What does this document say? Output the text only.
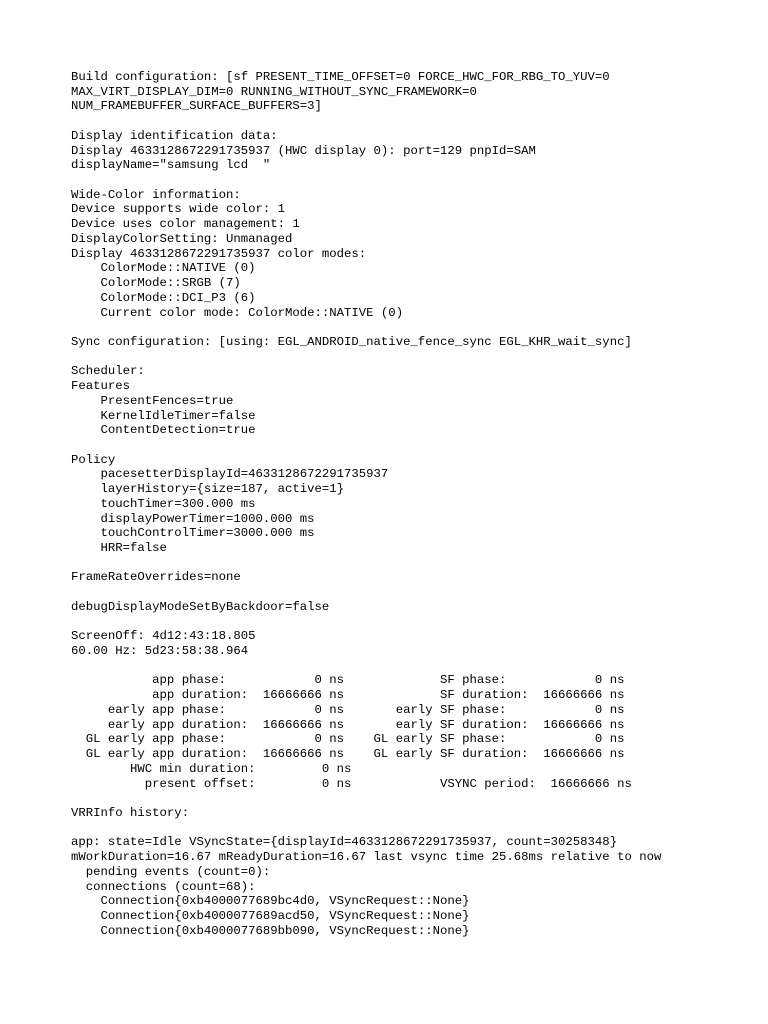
Build configuration: [sf PRESENT_TIME_OFFSET=0 FORCE_HWC_FOR_RBG_TO_YUV=0
MAX_VIRT_DISPLAY_DIM=0 RUNNING_WITHOUT_SYNC_FRAMEWORK=0
NUM_FRAMEBUFFER_SURFACE_BUFFERS=3]
Display identification data:
Display 4633128672291735937 (HWC display 0): port=129 pnpId=SAM
displayName="samsung lcd  "
Wide-Color information:
Device supports wide color: 1
Device uses color management: 1
DisplayColorSetting: Unmanaged
Display 4633128672291735937 color modes:
ColorMode::NATIVE (0)
ColorMode::SRGB (7)
ColorMode::DCI_P3 (6)
Current color mode: ColorMode::NATIVE (0)
Sync configuration: [using: EGL_ANDROID_native_fence_sync EGL_KHR_wait_sync]
Scheduler:
Features
PresentFences=true
KernelIdleTimer=false
ContentDetection=true
Policy
pacesetterDisplayId=4633128672291735937
layerHistory={size=187, active=1}
touchTimer=300.000 ms
displayPowerTimer=1000.000 ms
touchControlTimer=3000.000 ms
HRR=false
FrameRateOverrides=none
debugDisplayModeSetByBackdoor=false
ScreenOff: 4d12:43:18.805
60.00 Hz: 5d23:58:38.964
app phase:            0 ns             SF phase:            0 ns
app duration:  16666666 ns             SF duration:  16666666 ns
early app phase:            0 ns       early SF phase:            0 ns
early app duration:  16666666 ns       early SF duration:  16666666 ns
GL early app phase:            0 ns    GL early SF phase:            0 ns
GL early app duration:  16666666 ns    GL early SF duration:  16666666 ns
HWC min duration:         0 ns
present offset:         0 ns            VSYNC period:  16666666 ns
VRRInfo history:
app: state=Idle VSyncState={displayId=4633128672291735937, count=30258348}
mWorkDuration=16.67 mReadyDuration=16.67 last vsync time 25.68ms relative to now
pending events (count=0):
connections (count=68):
Connection{0xb4000077689bc4d0, VSyncRequest::None}
Connection{0xb4000077689acd50, VSyncRequest::None}
Connection{0xb4000077689bb090, VSyncRequest::None}
